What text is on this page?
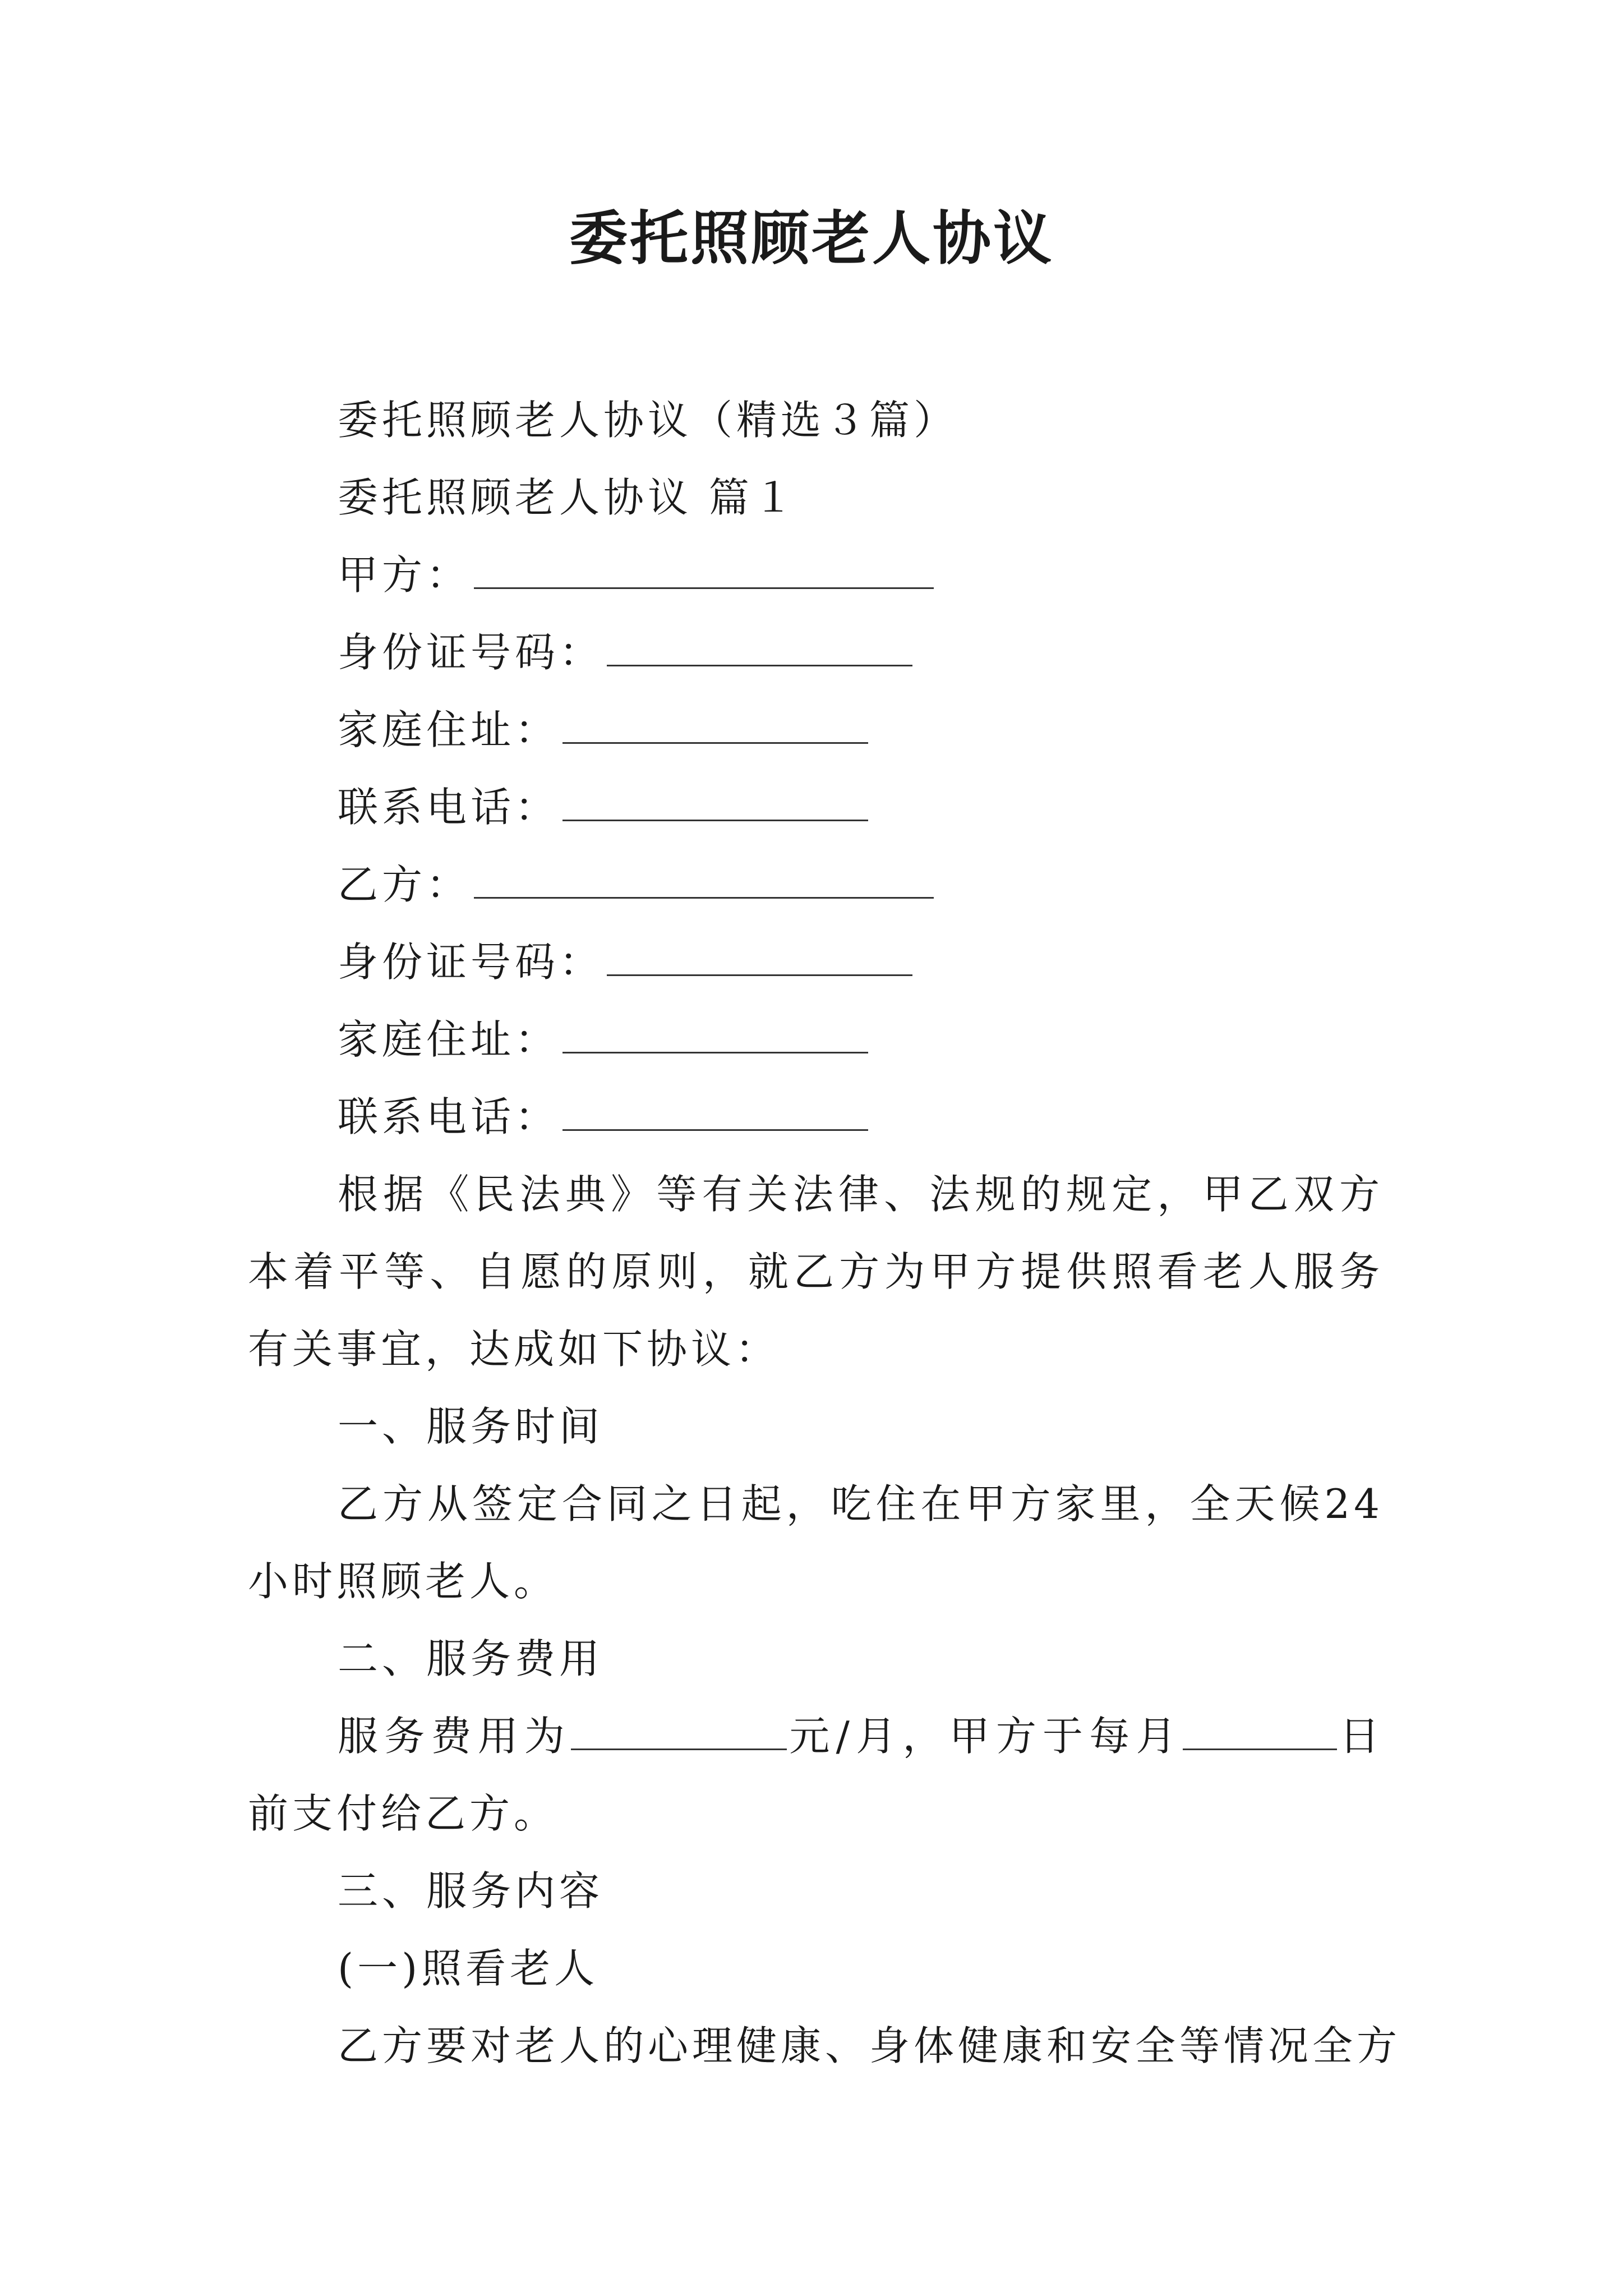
委托照顾老人协议
委托照顾老人协议（精选３篇）
委托照顾老人协议 篇１
甲方：
身份证号码：
家庭住址：
联系电话：
乙方：
身份证号码：
家庭住址：
联系电话：
根据《民法典》等有关法律、法规的规定，甲乙双方本着平等、自愿的原则，就乙方为甲方提供照看老人服务有关事宜，达成如下协议：
一、服务时间
乙方从签定合同之日起，吃住在甲方家里，全天候24小时照顾老人。
二、服务费用
服务费用为	元/月，甲方于每月	日前支付给乙方。
三、服务内容
(一)照看老人
乙方要对老人的心理健康、身体健康和安全等情况全方
